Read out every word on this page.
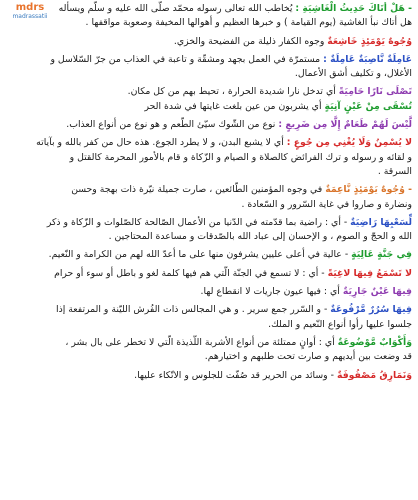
mdrs
madrassatii

- هَلْ أتَاكَ حَدِيثُ الْغَاشِيَةِ : يُخاطب الله تعالى رسوله محمّد صلّى الله عليه و سلّم ويسأله

هل أتاك نبأ الغاشية (يوم القيامة ) و خبرها العظيم و أهوالها المخيفة وصعوبة مواقفها .

وُجُوهٌ يَوْمَئِذٍ خَاشِعَةٌ وجوه الكفار ذليلة من الفضيحة والخزي.

عَامِلَةٌ نَّاصِبَةٌ عَامِلَةٌ : مستمرّة في العمل بجهد ومشقّة و تاعبة في العذاب من جرّ السّلاسل و

الأغلال، و تكليف أشق الأعمال.

تَصْلَى نَارًا حَامِيَةً أي تدخل نارا شديدة الحرارة ، تحيط بهم من كل مكان.

تُسْقَى مِنْ عَيْنٍ آنِيَةٍ أي يشربون من عين بلغت غايتها في شدة الحر

لَّيْسَ لَهُمْ طَعَامٌ إِلَّا مِن ضَرِيعٍ : نوع من الشّوك سيّئ الطّعم و هو نوع من أنواع العذاب.

لا يُسْمِنُ وَلَا يُغْنِي مِن جُوعٍ : أي لا يشبع البدن، و لا يطرد الجوع. هذه حال من كفر بالله و بآياته

و لقائه و رسوله و ترك الفرائض كالصلاة و الصيام و الزّكاة و قام بالأمور المحرمة كالقتل و

السرقة .

- وُجُوهٌ يَوْمَئِذٍ نَّاعِمَةٌ في وجوه المؤمنين الطّائعين ، صارت جميلة نيّرة ذات بهجة وحسن

ونضارة و صاروا في غاية السّرور و السّعادة .

لِّسَعْيِهَا رَاضِيَةٌ - أي : راضية بما قدّمته في الدّنيا من الأعمال الصّالحة كالصّلوات و الزّكاة و ذكر

الله و الحجّ و الصوم ، و الإحسان إلى عباد الله بالصّدقات و مساعدة المحتاجين .

فِي جَنَّةٍ عَالِيَةٍ - عالية في أعلى عليين يشرفون منها على ما أعدّ الله لهم من الكرامة و النّعيم.

لا تَسْمَعُ فِيهَا لاغِيَةً - أي : لا تسمع في الجنّة الّتي هم فيها كلمة لغو و باطل أو سوء أو حرام

فِيهَا عَيْنٌ جَارِيَةٌ أي : فيها عيون جاريات لا انقطاع لها.

فِيهَا سُرُرٌ مَّرْفُوعَةٌ - و السّرر جمع سرير . و هي المجالس ذات الفُرش الليّنة و المرتفعة إذا

جلسوا عليها رأوا أنواع النّعيم و الملك.

وَأَكْوَابٌ مَّوْضُوعَةٌ أي : أوانٍ ممتلئة من أنواع الأشربة اللّذيذة الّتي لا تخطر على بال بشر ،

قد وضعت بين أيديهم و صارت تحت طلبهم و اختيارهم.

وَنَمَارِقُ مَصْفُوفَةٌ - وسائد من الحرير قد صُفّت للجلوس و الاتّكاء عليها.
